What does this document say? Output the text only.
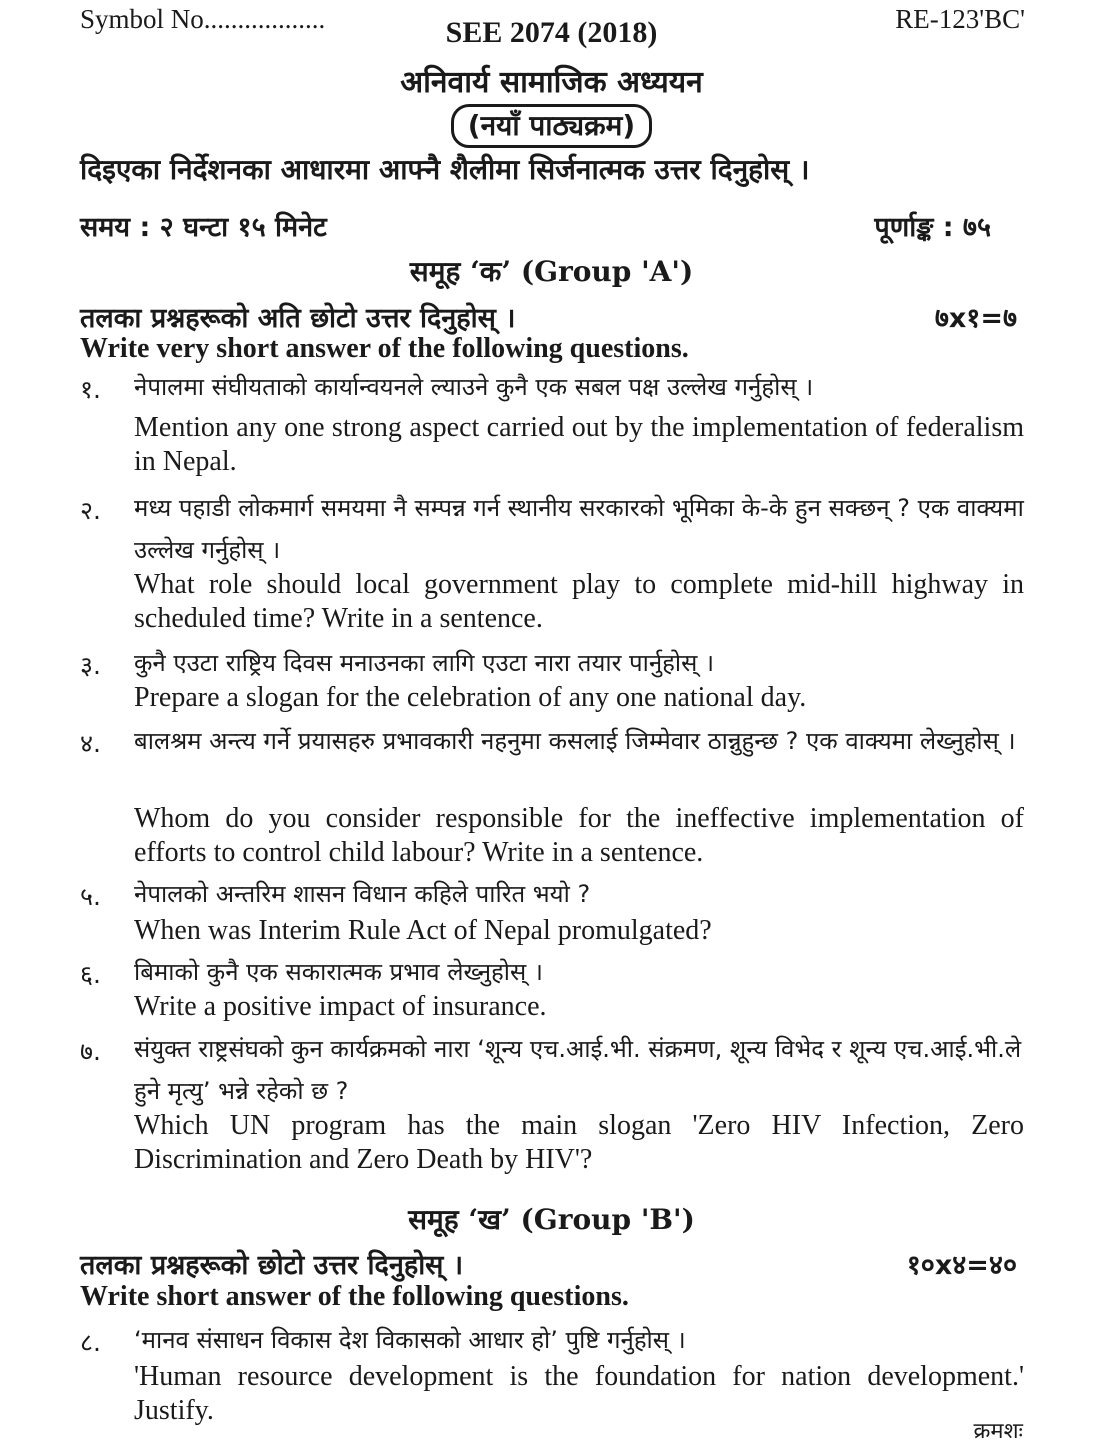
Symbol No..................	RE-123'BC'
SEE 2074 (2018)
अनिवार्य सामाजिक अध्ययन
(नयाँ पाठ्यक्रम)
दिइएका निर्देशनका आधारमा आफ्नै शैलीमा सिर्जनात्मक उत्तर दिनुहोस् ।
समय : २ घन्टा १५ मिनेट	पूर्णाङ्क : ७५
समूह ‘क’ (Group 'A')
तलका प्रश्नहरूको अति छोटो उत्तर दिनुहोस् ।	७x१=७
Write very short answer of the following questions.
१. नेपालमा संघीयताको कार्यान्वयनले ल्याउने कुनै एक सबल पक्ष उल्लेख गर्नुहोस् ।
Mention any one strong aspect carried out by the implementation of federalism in Nepal.
२. मध्य पहाडी लोकमार्ग समयमा नै सम्पन्न गर्न स्थानीय सरकारको भूमिका के-के हुन सक्छन् ? एक वाक्यमा उल्लेख गर्नुहोस् ।
What role should local government play to complete mid-hill highway in scheduled time? Write in a sentence.
३. कुनै एउटा राष्ट्रिय दिवस मनाउनका लागि एउटा नारा तयार पार्नुहोस् ।
Prepare a slogan for the celebration of any one national day.
४. बालश्रम अन्त्य गर्ने प्रयासहरु प्रभावकारी नहनुमा कसलाई जिम्मेवार ठान्नुहुन्छ ? एक वाक्यमा लेख्नुहोस् ।
Whom do you consider responsible for the ineffective implementation of efforts to control child labour? Write in a sentence.
५. नेपालको अन्तरिम शासन विधान कहिले पारित भयो ?
When was Interim Rule Act of Nepal promulgated?
६. बिमाको कुनै एक सकारात्मक प्रभाव लेख्नुहोस् ।
Write a positive impact of insurance.
७. संयुक्त राष्ट्रसंघको कुन कार्यक्रमको नारा ‘शून्य एच.आई.भी. संक्रमण, शून्य विभेद र शून्य एच.आई.भी.ले हुने मृत्यु’ भन्ने रहेको छ ?
Which UN program has the main slogan 'Zero HIV Infection, Zero Discrimination and Zero Death by HIV'?
समूह ‘ख’ (Group 'B')
तलका प्रश्नहरूको छोटो उत्तर दिनुहोस् ।	१०x४=४०
Write short answer of the following questions.
८. ‘मानव संसाधन विकास देश विकासको आधार हो’ पुष्टि गर्नुहोस् ।
'Human resource development is the foundation for nation development.' Justify.
क्रमशः
